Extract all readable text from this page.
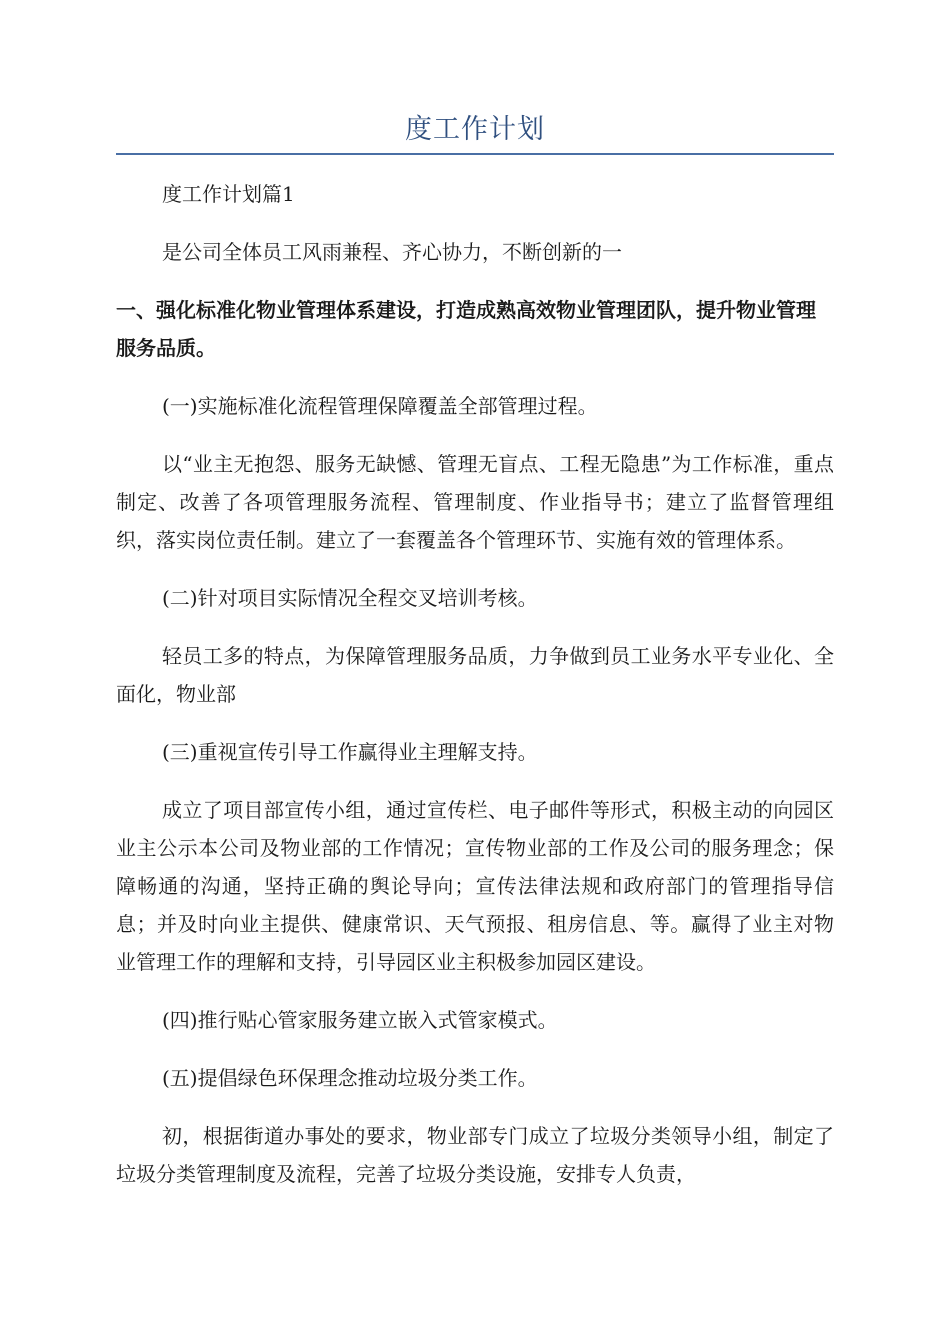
度工作计划

度工作计划篇1

是公司全体员工风雨兼程、齐心协力，不断创新的一

一、强化标准化物业管理体系建设，打造成熟高效物业管理团队，提升物业管理服务品质。

(一)实施标准化流程管理保障覆盖全部管理过程。

以“业主无抱怨、服务无缺憾、管理无盲点、工程无隐患”为工作标准，重点制定、改善了各项管理服务流程、管理制度、作业指导书；建立了监督管理组织，落实岗位责任制。建立了一套覆盖各个管理环节、实施有效的管理体系。

(二)针对项目实际情况全程交叉培训考核。

轻员工多的特点，为保障管理服务品质，力争做到员工业务水平专业化、全面化，物业部

(三)重视宣传引导工作赢得业主理解支持。

成立了项目部宣传小组，通过宣传栏、电子邮件等形式，积极主动的向园区业主公示本公司及物业部的工作情况；宣传物业部的工作及公司的服务理念；保障畅通的沟通，坚持正确的舆论导向；宣传法律法规和政府部门的管理指导信息；并及时向业主提供、健康常识、天气预报、租房信息、等。赢得了业主对物业管理工作的理解和支持，引导园区业主积极参加园区建设。

(四)推行贴心管家服务建立嵌入式管家模式。

(五)提倡绿色环保理念推动垃圾分类工作。

初，根据街道办事处的要求，物业部专门成立了垃圾分类领导小组，制定了垃圾分类管理制度及流程，完善了垃圾分类设施，安排专人负责，
